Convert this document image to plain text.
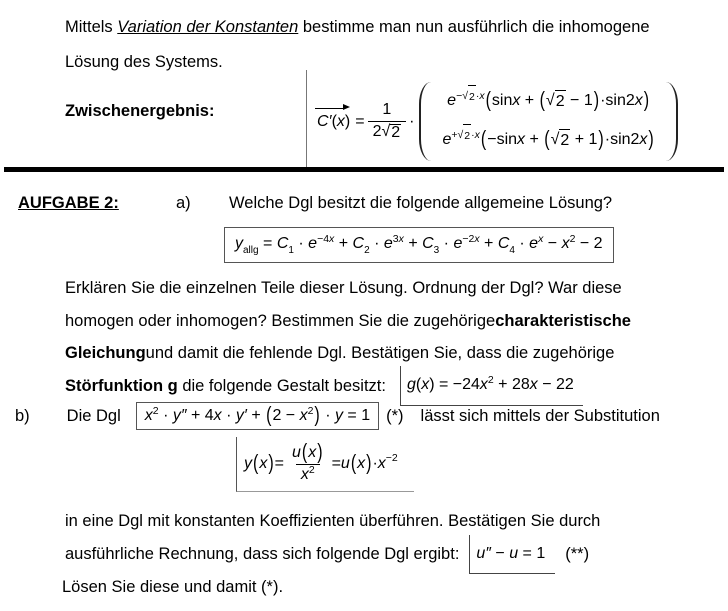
Mittels Variation der Konstanten bestimme man nun ausführlich die inhomogene
Lösung des Systems.
Zwischenergebnis:
$C'(x) = \frac{1}{2 √ 2}$ ·
e− √ 2 ·x(sinx + ( √ 2 − 1)·sin2x)
e+ √ 2 ·x(−sinx + ( √ 2 + 1)·sin2x)
AUFGABE 2:	a) Welche Dgl besitzt die folgende allgemeine Lösung?
yallg = C1 · e−4x + C2 · e3x + C3 · e−2x + C4 · ex − x2 − 2
Erklären Sie die einzelnen Teile dieser Lösung. Ordnung der Dgl? War diese
homogen oder inhomogen? Bestimmen Sie die zugehörige charakteristische
Gleichung und damit die fehlende Dgl. Bestätigen Sie, dass die zugehörige
Störfunktion g die folgende Gestalt besitzt:	g(x) = −24x2 + 28x − 22
b) Die Dgl	x2 · y″ + 4x · y′ + (2 − x2) · y = 1 (*) lässt sich mittels der Substitution
y ( x ) = $\frac{u(x)}{x2} = u$ ( x ) · x −2
in eine Dgl mit konstanten Koeffizienten überführen. Bestätigen Sie durch
ausführliche Rechnung, dass sich folgende Dgl ergibt:	u″ − u = 1	(**)
Lösen Sie diese und damit (*).
